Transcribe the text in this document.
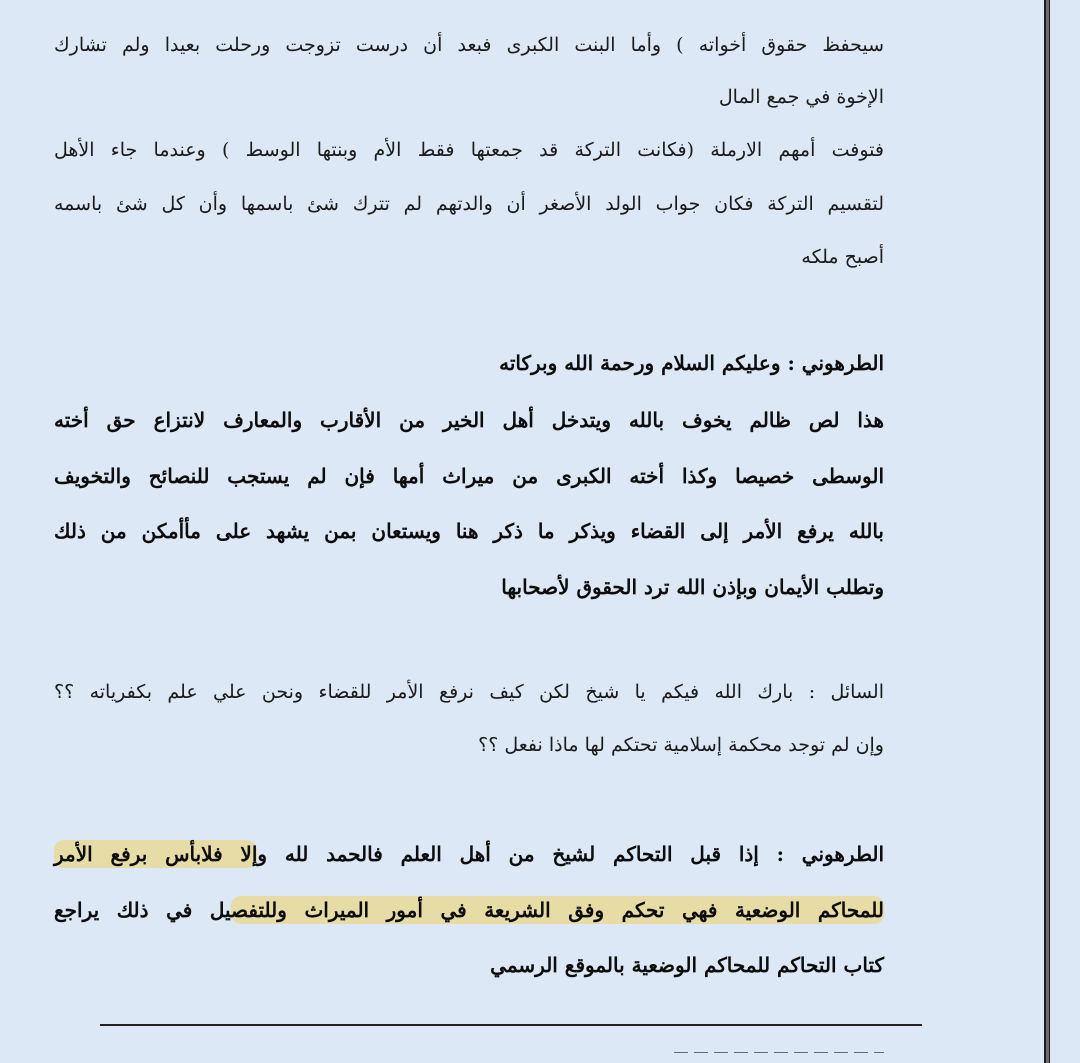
سيحفظ حقوق أخواته ) وأما البنت الكبرى فبعد أن درست تزوجت ورحلت بعيدا ولم تشارك
الإخوة في جمع المال
فتوفت أمهم الارملة (فكانت التركة قد جمعتها فقط الأم وبنتها الوسط ) وعندما جاء الأهل
لتقسيم التركة فكان جواب الولد الأصغر أن والدتهم لم تترك شئ باسمها وأن كل شئ باسمه
أصبح ملكه
الطرهوني : وعليكم السلام ورحمة الله وبركاته
هذا لص ظالم يخوف بالله ويتدخل أهل الخير من الأقارب والمعارف لانتزاع حق أخته
الوسطى خصيصا وكذا أخته الكبرى من ميراث أمها فإن لم يستجب للنصائح والتخويف
بالله يرفع الأمر إلى القضاء ويذكر ما ذكر هنا ويستعان بمن يشهد على مأأمكن من ذلك
وتطلب الأيمان وبإذن الله ترد الحقوق لأصحابها
السائل : بارك الله فيكم يا شيخ لكن كيف نرفع الأمر للقضاء ونحن علي علم بكفرياته ؟؟
وإن لم توجد محكمة إسلامية تحتكم لها ماذا نفعل ؟؟
الطرهوني : إذا قبل التحاكم لشيخ من أهل العلم فالحمد لله وإلا فلابأس برفع الأمر
للمحاكم الوضعية فهي تحكم وفق الشريعة في أمور الميراث وللتفصيل في ذلك يراجع
كتاب التحاكم للمحاكم الوضعية بالموقع الرسمي
